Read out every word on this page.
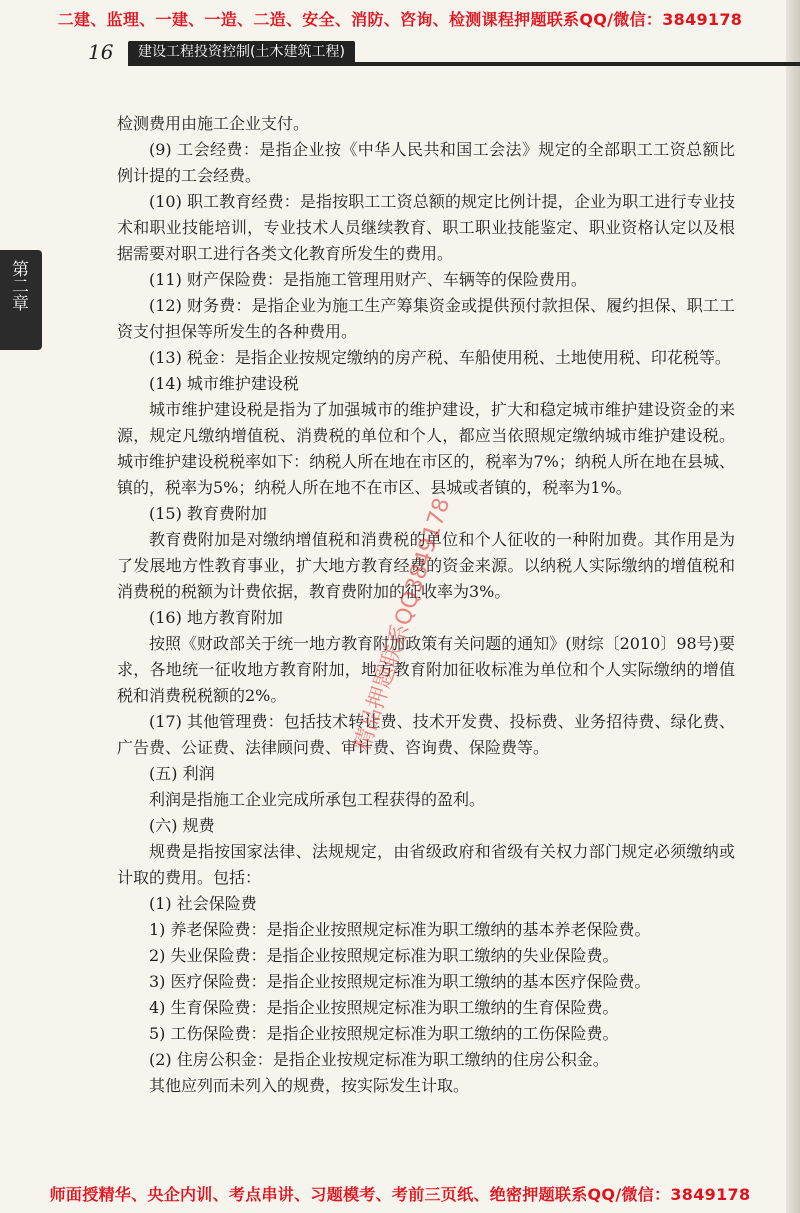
二建、监理、一建、一造、二造、安全、消防、咨询、检测课程押题联系QQ/微信：3849178
16	建设工程投资控制(土木建筑工程)
第二章

检测费用由施工企业支付。

(9) 工会经费：是指企业按《中华人民共和国工会法》规定的全部职工工资总额比例计提的工会经费。

(10) 职工教育经费：是指按职工工资总额的规定比例计提，企业为职工进行专业技术和职业技能培训，专业技术人员继续教育、职工职业技能鉴定、职业资格认定以及根据需要对职工进行各类文化教育所发生的费用。

(11) 财产保险费：是指施工管理用财产、车辆等的保险费用。

(12) 财务费：是指企业为施工生产筹集资金或提供预付款担保、履约担保、职工工资支付担保等所发生的各种费用。

(13) 税金：是指企业按规定缴纳的房产税、车船使用税、土地使用税、印花税等。

(14) 城市维护建设税

城市维护建设税是指为了加强城市的维护建设，扩大和稳定城市维护建设资金的来源，规定凡缴纳增值税、消费税的单位和个人，都应当依照规定缴纳城市维护建设税。城市维护建设税税率如下：纳税人所在地在市区的，税率为7%；纳税人所在地在县城、镇的，税率为5%；纳税人所在地不在市区、县城或者镇的，税率为1%。

(15) 教育费附加

教育费附加是对缴纳增值税和消费税的单位和个人征收的一种附加费。其作用是为了发展地方性教育事业，扩大地方教育经费的资金来源。以纳税人实际缴纳的增值税和消费税的税额为计费依据，教育费附加的征收率为3%。

(16) 地方教育附加

按照《财政部关于统一地方教育附加政策有关问题的通知》(财综〔2010〕98号)要求，各地统一征收地方教育附加，地方教育附加征收标准为单位和个人实际缴纳的增值税和消费税税额的2%。

(17) 其他管理费：包括技术转让费、技术开发费、投标费、业务招待费、绿化费、广告费、公证费、法律顾问费、审计费、咨询费、保险费等。

(五) 利润

利润是指施工企业完成所承包工程获得的盈利。

(六) 规费

规费是指按国家法律、法规规定，由省级政府和省级有关权力部门规定必须缴纳或计取的费用。包括：

(1) 社会保险费

1) 养老保险费：是指企业按照规定标准为职工缴纳的基本养老保险费。

2) 失业保险费：是指企业按照规定标准为职工缴纳的失业保险费。

3) 医疗保险费：是指企业按照规定标准为职工缴纳的基本医疗保险费。

4) 生育保险费：是指企业按照规定标准为职工缴纳的生育保险费。

5) 工伤保险费：是指企业按照规定标准为职工缴纳的工伤保险费。

(2) 住房公积金：是指企业按规定标准为职工缴纳的住房公积金。

其他应列而未列入的规费，按实际发生计取。

精品押题联系QQ3849178
师面授精华、央企内训、考点串讲、习题模考、考前三页纸、绝密押题联系QQ/微信：3849178
